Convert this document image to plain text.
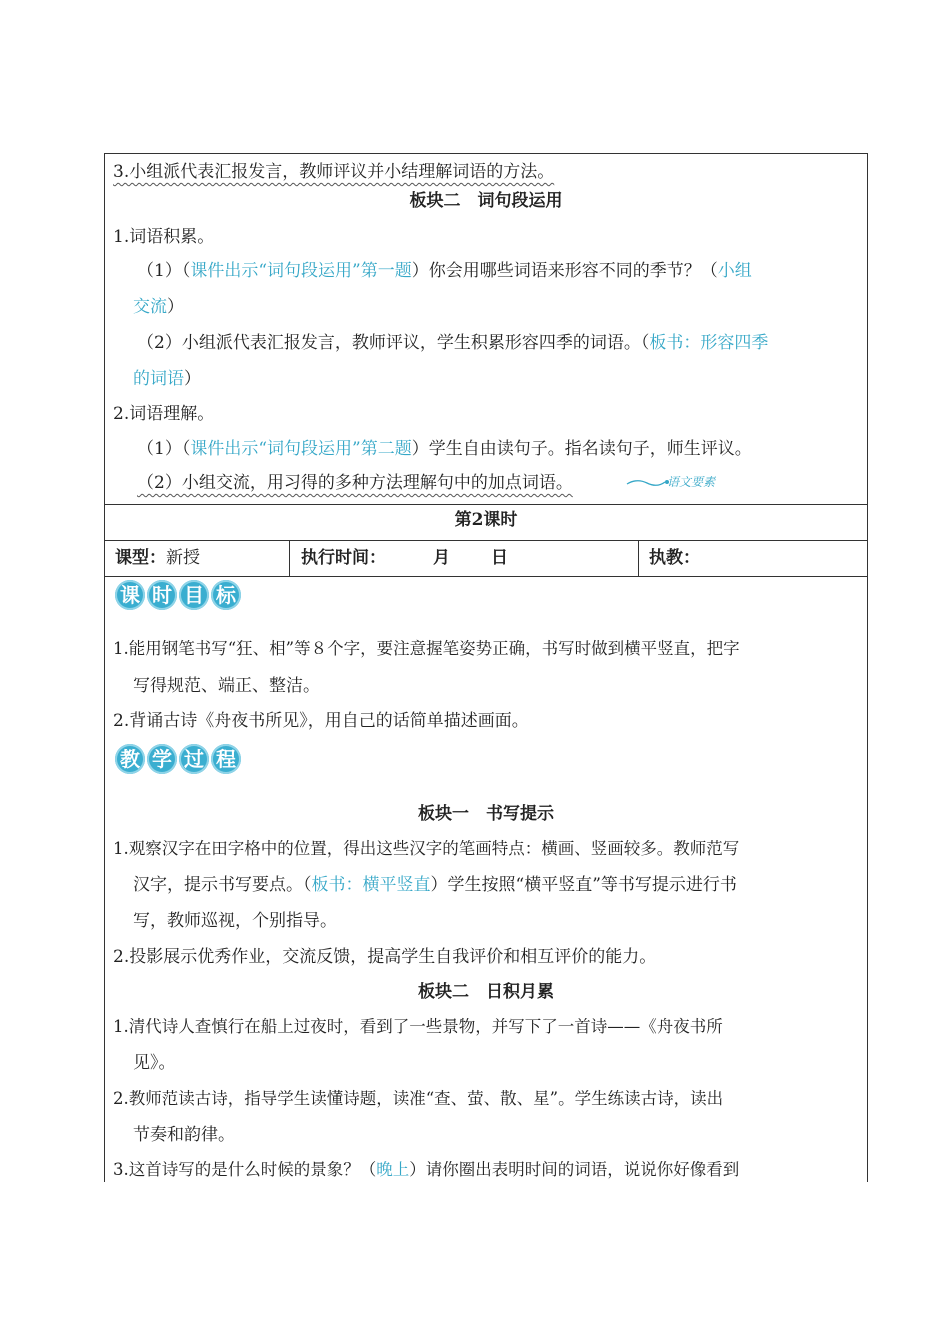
3.小组派代表汇报发言，教师评议并小结理解词语的方法。
板块二　词句段运用
1.词语积累。
（1）（课件出示“词句段运用”第一题）你会用哪些词语来形容不同的季节？（小组
交流）
（2）小组派代表汇报发言，教师评议，学生积累形容四季的词语。（板书：形容四季
的词语）
2.词语理解。
（1）（课件出示“词句段运用”第二题）学生自由读句子。指名读句子，师生评议。
（2）小组交流，用习得的多种方法理解句中的加点词语。	语文要素
第2课时
课型：新授	执行时间：	月 日	执教：
课 时 目 标
1.能用钢笔书写“狂、相”等８个字，要注意握笔姿势正确，书写时做到横平竖直，把字
写得规范、端正、整洁。
2.背诵古诗《舟夜书所见》，用自己的话简单描述画面。
教 学 过 程
板块一　书写提示
1.观察汉字在田字格中的位置，得出这些汉字的笔画特点：横画、竖画较多。教师范写
汉字，提示书写要点。（板书：横平竖直）学生按照“横平竖直”等书写提示进行书
写，教师巡视，个别指导。
2.投影展示优秀作业，交流反馈，提高学生自我评价和相互评价的能力。
板块二　日积月累
1.清代诗人查慎行在船上过夜时，看到了一些景物，并写下了一首诗——《舟夜书所
见》。
2.教师范读古诗，指导学生读懂诗题，读准“查、萤、散、星”。学生练读古诗，读出
节奏和韵律。
3.这首诗写的是什么时候的景象？（晚上）请你圈出表明时间的词语，说说你好像看到
